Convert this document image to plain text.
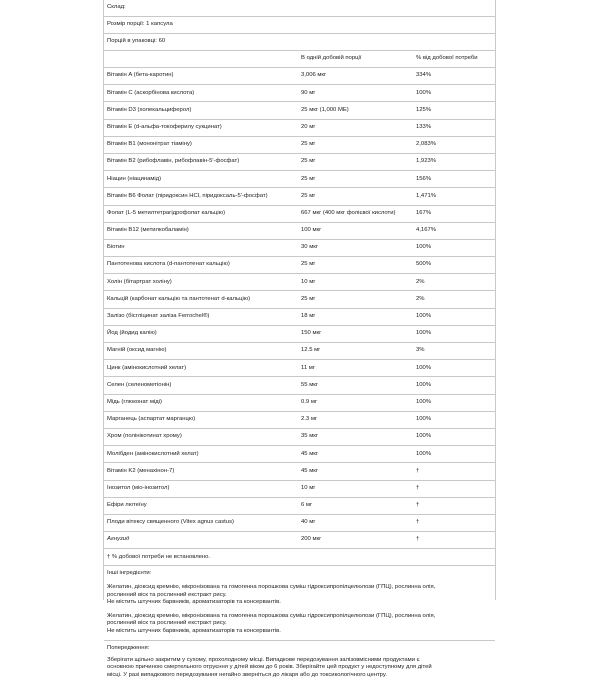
Склад:
Розмір порції: 1 капсула
Порцій в упаковці: 60
В одній добовій порції	% від добової потреби
Вітамін A (бета-каротин)	3,006 мкг	334%
Вітамін C (аскорбінова кислота)	90 мг	100%
Вітамін D3 (холекальциферол)	25 мкг (1,000 МЕ)	125%
Вітамін E (d-альфа-токоферилу сукцинат)	20 мг	133%
Вітамін B1 (мононітрат тіаміну)	25 мг	2,083%
Вітамін B2 (рибофлавін, рибофлавін-5'-фосфат)	25 мг	1,923%
Ніацин (ніацинамід)	25 мг	156%
Вітамін B6 Фолат (піридоксин HCl, піридоксаль-5'-фосфат)	25 мг	1,471%
Фолат (L-5 метилтетрагідрофолат кальцію)	667 мкг (400 мкг фолієвої кислоти)	167%
Вітамін B12 (метилкобаламін)	100 мкг	4,167%
Біотин	30 мкг	100%
Пантотенова кислота (d-пантотенат кальцію)	25 мг	500%
Холін (бітартрат холіну)	10 мг	2%
Кальцій (карбонат кальцію та пантотенат d-кальцію)	25 мг	2%
Залізо (бісгліцинат заліза Ferrochel®)	18 мг	100%
Йод (йодид калію)	150 мкг	100%
Магній (оксид магнію)	12.5 мг	3%
Цинк (амінокислотний хелат)	11 мг	100%
Селен (селенометіонін)	55 мкг	100%
Мідь (глюконат міді)	0.9 мг	100%
Марганець (аспартат марганцю)	2.3 мг	100%
Хром (полінікотинат хрому)	35 мкг	100%
Молібден (амінокислотний хелат)	45 мкг	100%
Вітамін K2 (менахінон-7)	45 мкг	†
Інозитол (міо-інозитол)	10 мг	†
Ефіри лютеїну	6 мг	†
Плоди вітексу священного (Vitex agnus castus)	40 мг	†
Агнузид	200 мкг	†
† % добової потреби не встановлено.

Інші інгредієнти:

Желатин, діоксид кремнію, мікронізована та гомогенна порошкова суміш гідроксипропілцелюлози (ГПЦ), рослинна олія,

рослинний віск та рослинний екстракт рису.

Не містить штучних барвників, ароматизаторів та консервантів.

Желатин, діоксид кремнію, мікронізована та гомогенна порошкова суміш гідроксипропілцелюлози (ГПЦ), рослинна олія,

рослинний віск та рослинний екстракт рису.

Не містить штучних барвників, ароматизаторів та консервантів.

Попередження:

Зберігати щільно закритим у сухому, прохолодному місці. Випадкове передозування залізовмісними продуктами є

основною причиною смертельного отруєння у дітей віком до 6 років. Зберігайте цей продукт у недоступному для дітей

місці. У разі випадкового передозування негайно зверніться до лікаря або до токсикологічного центру.
